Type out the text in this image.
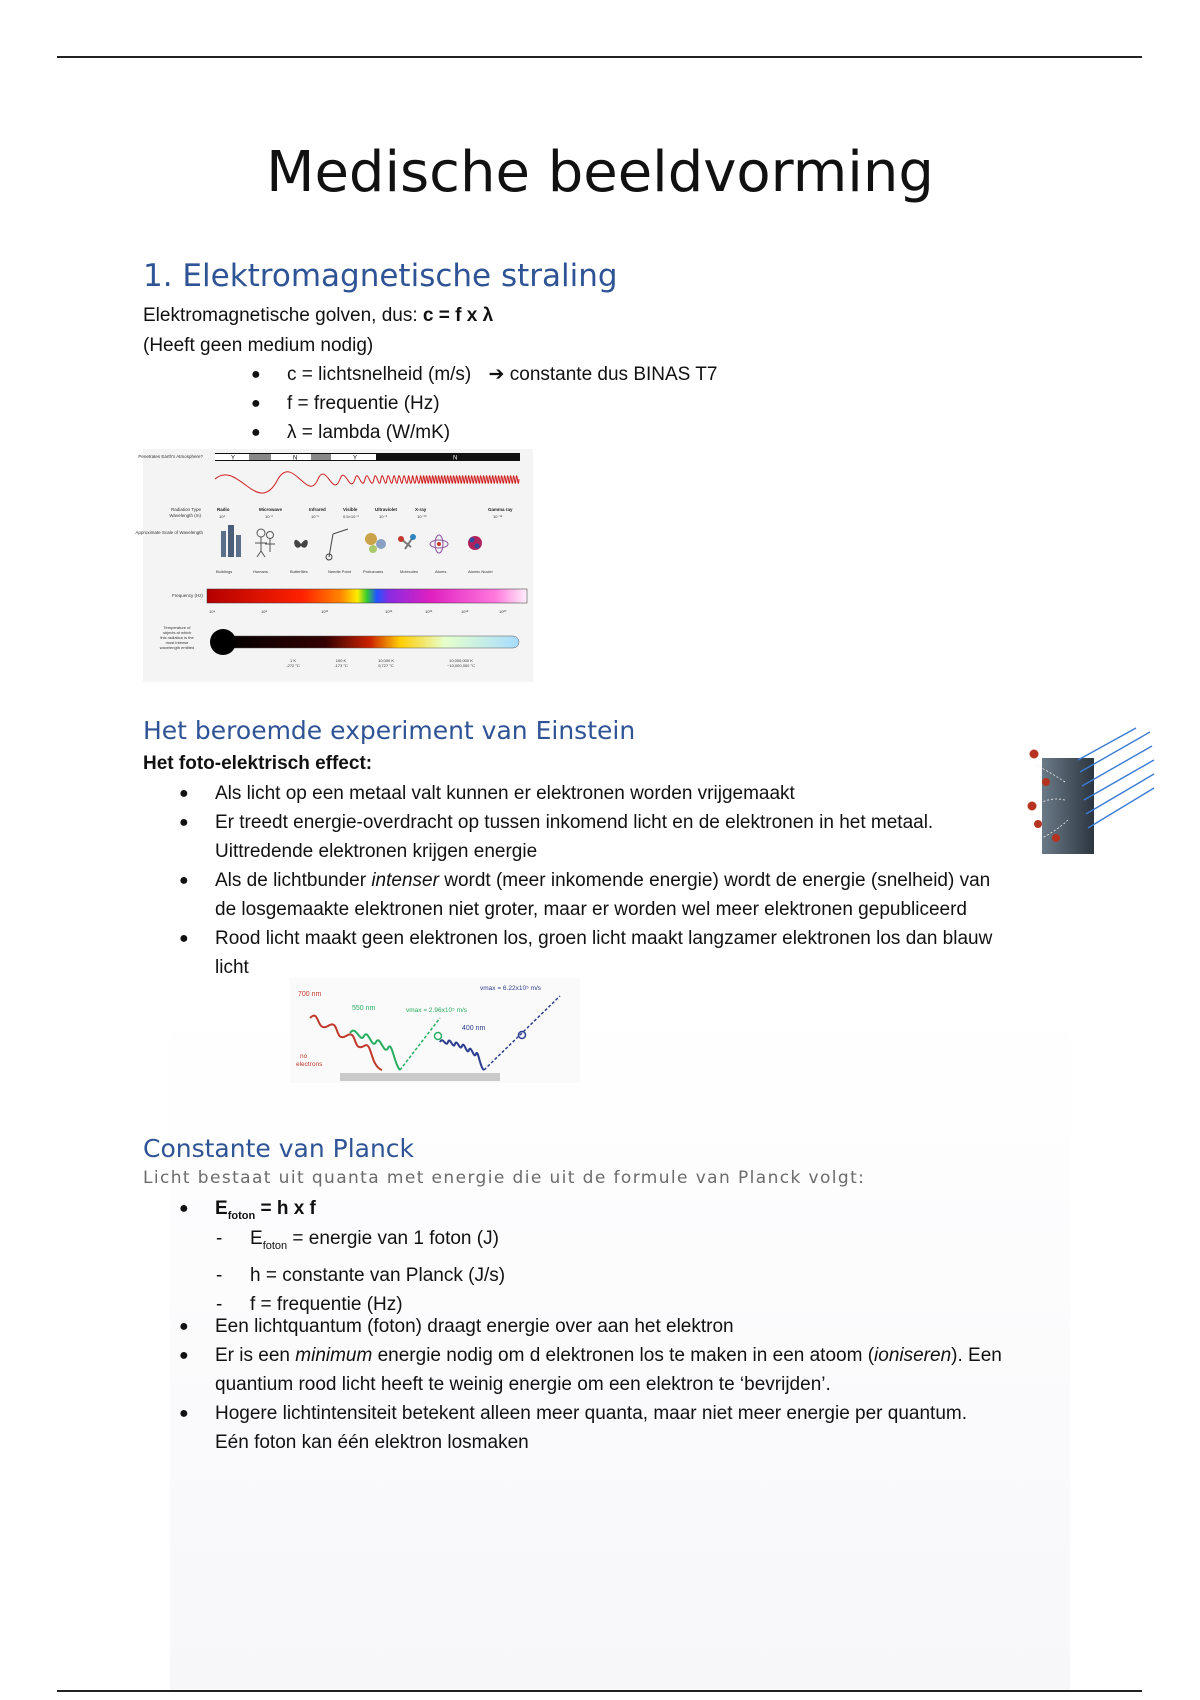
Medische beeldvorming
1. Elektromagnetische straling
Elektromagnetische golven, dus: c = f x λ
(Heeft geen medium nodig)
● c = lichtsnelheid (m/s) ➔ constante dus BINAS T7
● f = frequentie (Hz)
● λ = lambda (W/mK)
Penetrates Earth's Atmosphere?	Y	N	Y	N
Radiation Type
Wavelength (m)
Approximate Scale of Wavelength
Radio	Microwave	Infrared	Visible	Ultraviolet	X-ray	Gamma ray
10³	10⁻²	10⁻⁵	0.5×10⁻⁶	10⁻⁸	10⁻¹⁰	10⁻¹²
Buildings	Humans	Butterflies	Needle Point	Protozoans	Molecules	Atoms	Atomic Nuclei
Frequency (Hz)
10⁴	10⁸	10¹²	10¹⁵	10¹⁶	10¹⁸	10²⁰
Temperature of objects at which this radiation is the most intense wavelength emitted
1 K -272 °C
100 K -173 °C
10,000 K 9,727 °C
10,000,000 K ~10,000,000 °C
Het beroemde experiment van Einstein
Het foto-elektrisch effect:
● Als licht op een metaal valt kunnen er elektronen worden vrijgemaakt
● Er treedt energie-overdracht op tussen inkomend licht en de elektronen in het metaal.
Uittredende elektronen krijgen energie
● Als de lichtbunder intenser wordt (meer inkomende energie) wordt de energie (snelheid) van
de losgemaakte elektronen niet groter, maar er worden wel meer elektronen gepubliceerd
● Rood licht maakt geen elektronen los, groen licht maakt langzamer elektronen los dan blauw
licht
700 nm
550 nm
400 nm
vmax = 2.96x10⁵ m/s
vmax = 6.22x10⁵ m/s
no electrons
Constante van Planck
Licht bestaat uit quanta met energie die uit de formule van Planck volgt:
● $E_{foton} = h$ x f
- $E_{foton}$ = energie van 1 foton (J)
- h = constante van Planck (J/s)
- f = frequentie (Hz)
● Een lichtquantum (foton) draagt energie over aan het elektron
● Er is een minimum energie nodig om d elektronen los te maken in een atoom (ioniseren). Een
quantium rood licht heeft te weinig energie om een elektron te ‘bevrijden’.
● Hogere lichtintensiteit betekent alleen meer quanta, maar niet meer energie per quantum.
Eén foton kan één elektron losmaken
